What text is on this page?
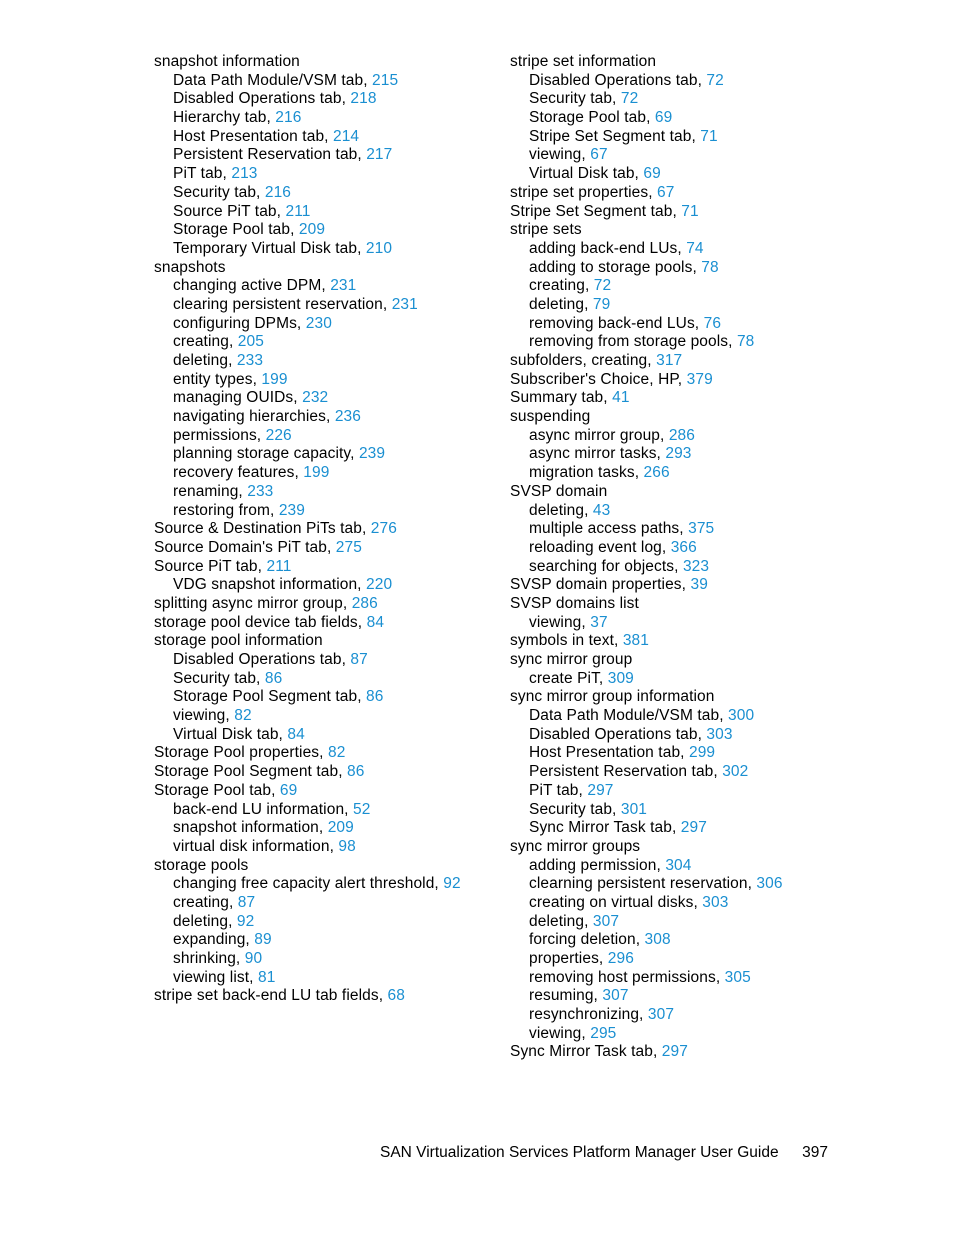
snapshot information
Data Path Module/VSM tab, 215
Disabled Operations tab, 218
Hierarchy tab, 216
Host Presentation tab, 214
Persistent Reservation tab, 217
PiT tab, 213
Security tab, 216
Source PiT tab, 211
Storage Pool tab, 209
Temporary Virtual Disk tab, 210
snapshots
changing active DPM, 231
clearing persistent reservation, 231
configuring DPMs, 230
creating, 205
deleting, 233
entity types, 199
managing OUIDs, 232
navigating hierarchies, 236
permissions, 226
planning storage capacity, 239
recovery features, 199
renaming, 233
restoring from, 239
Source & Destination PiTs tab, 276
Source Domain's PiT tab, 275
Source PiT tab, 211
VDG snapshot information, 220
splitting async mirror group, 286
storage pool device tab fields, 84
storage pool information
Disabled Operations tab, 87
Security tab, 86
Storage Pool Segment tab, 86
viewing, 82
Virtual Disk tab, 84
Storage Pool properties, 82
Storage Pool Segment tab, 86
Storage Pool tab, 69
back-end LU information, 52
snapshot information, 209
virtual disk information, 98
storage pools
changing free capacity alert threshold, 92
creating, 87
deleting, 92
expanding, 89
shrinking, 90
viewing list, 81
stripe set back-end LU tab fields, 68
stripe set information
Disabled Operations tab, 72
Security tab, 72
Storage Pool tab, 69
Stripe Set Segment tab, 71
viewing, 67
Virtual Disk tab, 69
stripe set properties, 67
Stripe Set Segment tab, 71
stripe sets
adding back-end LUs, 74
adding to storage pools, 78
creating, 72
deleting, 79
removing back-end LUs, 76
removing from storage pools, 78
subfolders, creating, 317
Subscriber's Choice, HP, 379
Summary tab, 41
suspending
async mirror group, 286
async mirror tasks, 293
migration tasks, 266
SVSP domain
deleting, 43
multiple access paths, 375
reloading event log, 366
searching for objects, 323
SVSP domain properties, 39
SVSP domains list
viewing, 37
symbols in text, 381
sync mirror group
create PiT, 309
sync mirror group information
Data Path Module/VSM tab, 300
Disabled Operations tab, 303
Host Presentation tab, 299
Persistent Reservation tab, 302
PiT tab, 297
Security tab, 301
Sync Mirror Task tab, 297
sync mirror groups
adding permission, 304
clearning persistent reservation, 306
creating on virtual disks, 303
deleting, 307
forcing deletion, 308
properties, 296
removing host permissions, 305
resuming, 307
resynchronizing, 307
viewing, 295
Sync Mirror Task tab, 297
SAN Virtualization Services Platform Manager User Guide 397
